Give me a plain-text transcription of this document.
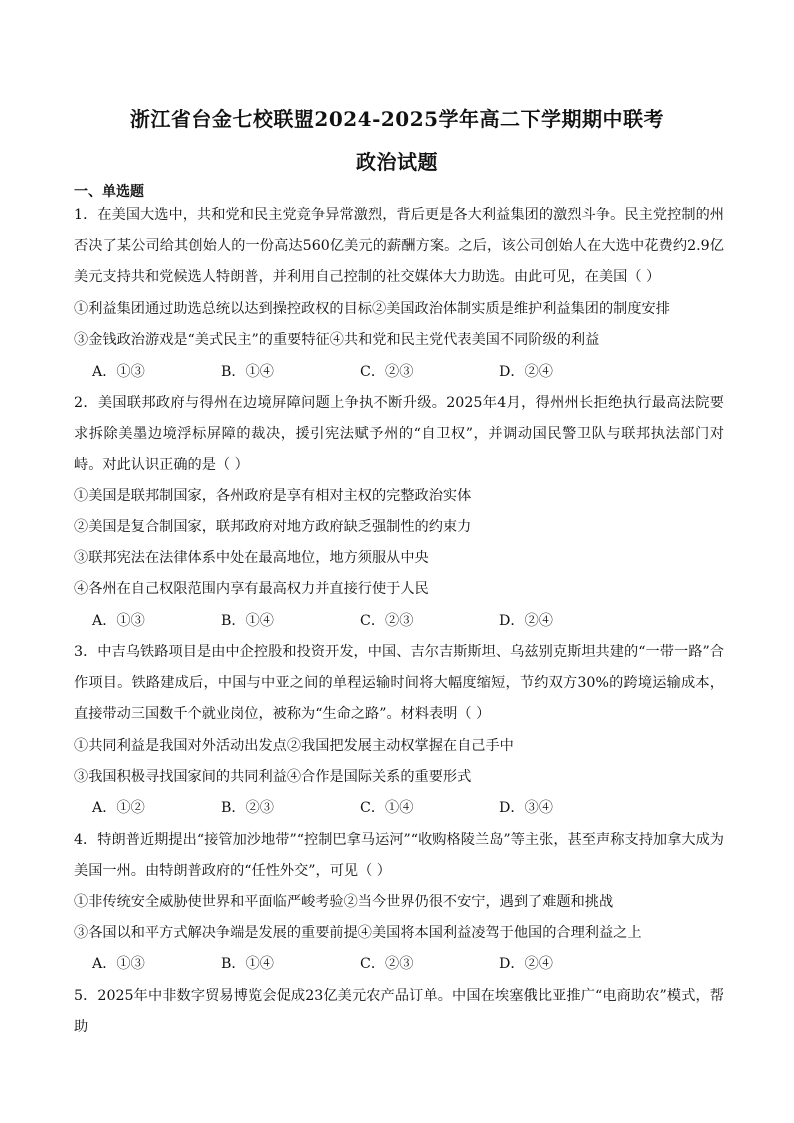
浙江省台金七校联盟2024-2025学年高二下学期期中联考
政治试题
一、单选题
1．在美国大选中，共和党和民主党竞争异常激烈，背后更是各大利益集团的激烈斗争。民主党控制的州否决了某公司给其创始人的一份高达560亿美元的薪酬方案。之后，该公司创始人在大选中花费约2.9亿美元支持共和党候选人特朗普，并利用自己控制的社交媒体大力助选。由此可见，在美国（ ）
①利益集团通过助选总统以达到操控政权的目标②美国政治体制实质是维护利益集团的制度安排
③金钱政治游戏是“美式民主”的重要特征④共和党和民主党代表美国不同阶级的利益
A．①③	B．①④	C．②③	D．②④
2．美国联邦政府与得州在边境屏障问题上争执不断升级。2025年4月，得州州长拒绝执行最高法院要求拆除美墨边境浮标屏障的裁决，援引宪法赋予州的“自卫权”，并调动国民警卫队与联邦执法部门对峙。对此认识正确的是（ ）
①美国是联邦制国家，各州政府是享有相对主权的完整政治实体
②美国是复合制国家，联邦政府对地方政府缺乏强制性的约束力
③联邦宪法在法律体系中处在最高地位，地方须服从中央
④各州在自己权限范围内享有最高权力并直接行使于人民
A．①③	B．①④	C．②③	D．②④
3．中吉乌铁路项目是由中企控股和投资开发，中国、吉尔吉斯斯坦、乌兹别克斯坦共建的“一带一路”合作项目。铁路建成后，中国与中亚之间的单程运输时间将大幅度缩短，节约双方30%的跨境运输成本，直接带动三国数千个就业岗位，被称为“生命之路”。材料表明（ ）
①共同利益是我国对外活动出发点②我国把发展主动权掌握在自己手中
③我国积极寻找国家间的共同利益④合作是国际关系的重要形式
A．①②	B．②③	C．①④	D．③④
4．特朗普近期提出“接管加沙地带”“控制巴拿马运河”“收购格陵兰岛”等主张，甚至声称支持加拿大成为美国一州。由特朗普政府的“任性外交”，可见（ ）
①非传统安全威胁使世界和平面临严峻考验②当今世界仍很不安宁，遇到了难题和挑战
③各国以和平方式解决争端是发展的重要前提④美国将本国利益凌驾于他国的合理利益之上
A．①③	B．①④	C．②③	D．②④
5．2025年中非数字贸易博览会促成23亿美元农产品订单。中国在埃塞俄比亚推广“电商助农”模式，帮助
